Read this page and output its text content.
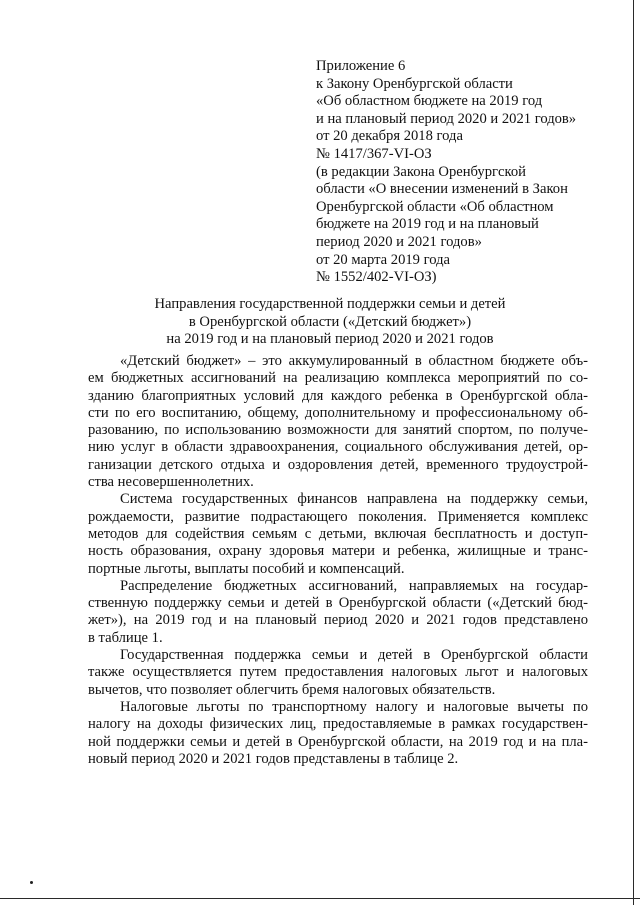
Приложение 6
к Закону Оренбургской области
«Об областном бюджете на 2019 год
и на плановый период 2020 и 2021 годов»
от 20 декабря 2018 года
№ 1417/367-VI-ОЗ
(в редакции Закона Оренбургской
области «О внесении изменений в Закон
Оренбургской области «Об областном
бюджете на 2019 год и на плановый
период 2020 и 2021 годов»
от 20 марта 2019 года
№ 1552/402-VI-ОЗ)
Направления государственной поддержки семьи и детей
в Оренбургской области («Детский бюджет»)
на 2019 год и на плановый период 2020 и 2021 годов
«Детский бюджет» – это аккумулированный в областном бюджете объ-
ем бюджетных ассигнований на реализацию комплекса мероприятий по со-
зданию благоприятных условий для каждого ребенка в Оренбургской обла-
сти по его воспитанию, общему, дополнительному и профессиональному об-
разованию, по использованию возможности для занятий спортом, по получе-
нию услуг в области здравоохранения, социального обслуживания детей, ор-
ганизации детского отдыха и оздоровления детей, временного трудоустрой-
ства несовершеннолетних.
Система государственных финансов направлена на поддержку семьи,
рождаемости, развитие подрастающего поколения. Применяется комплекс
методов для содействия семьям с детьми, включая бесплатность и доступ-
ность образования, охрану здоровья матери и ребенка, жилищные и транс-
портные льготы, выплаты пособий и компенсаций.
Распределение бюджетных ассигнований, направляемых на государ-
ственную поддержку семьи и детей в Оренбургской области («Детский бюд-
жет»), на 2019 год и на плановый период 2020 и 2021 годов представлено
в таблице 1.
Государственная поддержка семьи и детей в Оренбургской области
также осуществляется путем предоставления налоговых льгот и налоговых
вычетов, что позволяет облегчить бремя налоговых обязательств.
Налоговые льготы по транспортному налогу и налоговые вычеты по
налогу на доходы физических лиц, предоставляемые в рамках государствен-
ной поддержки семьи и детей в Оренбургской области, на 2019 год и на пла-
новый период 2020 и 2021 годов представлены в таблице 2.
